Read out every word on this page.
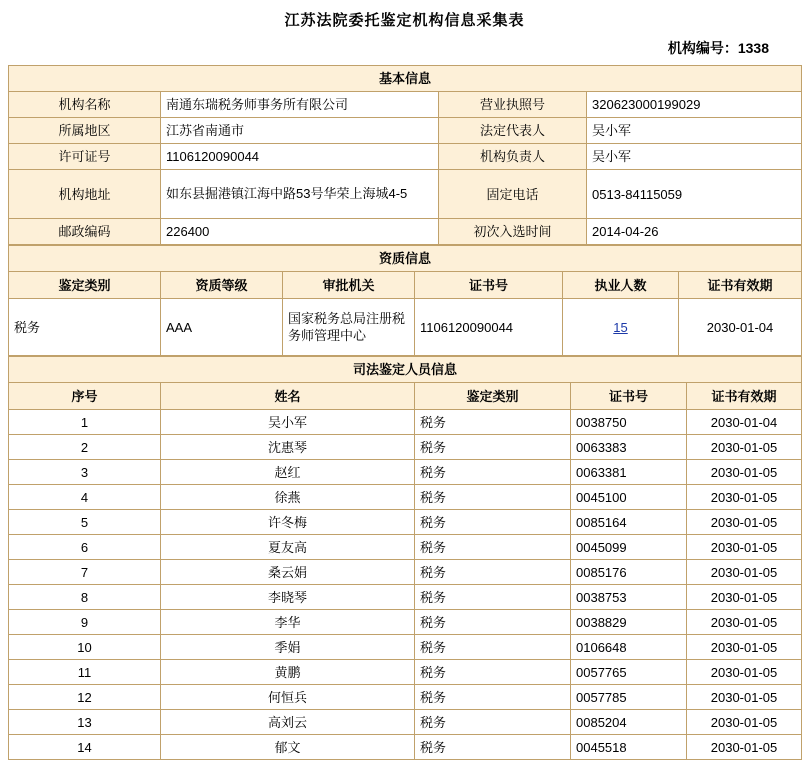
江苏法院委托鉴定机构信息采集表
机构编号：1338
基本信息			
机构名称	南通东瑞税务师事务所有限公司	营业执照号	320623000199029
所属地区	江苏省南通市	法定代表人	吴小军
许可证号	1106120090044	机构负责人	吴小军
机构地址	如东县掘港镇江海中路53号华荣上海城4-5	固定电话	0513-84115059
邮政编码	226400	初次入选时间	2014-04-26
资质信息					
鉴定类别	资质等级	审批机关	证书号	执业人数	证书有效期
税务	AAA	国家税务总局注册税务师管理中心	1106120090044	15	2030-01-04
司法鉴定人员信息				
序号	姓名	鉴定类别	证书号	证书有效期
1	吴小军	税务	0038750	2030-01-04
2	沈惠琴	税务	0063383	2030-01-05
3	赵红	税务	0063381	2030-01-05
4	徐燕	税务	0045100	2030-01-05
5	许冬梅	税务	0085164	2030-01-05
6	夏友高	税务	0045099	2030-01-05
7	桑云娟	税务	0085176	2030-01-05
8	李晓琴	税务	0038753	2030-01-05
9	李华	税务	0038829	2030-01-05
10	季娟	税务	0106648	2030-01-05
11	黄鹏	税务	0057765	2030-01-05
12	何恒兵	税务	0057785	2030-01-05
13	高刘云	税务	0085204	2030-01-05
14	郁文	税务	0045518	2030-01-05
